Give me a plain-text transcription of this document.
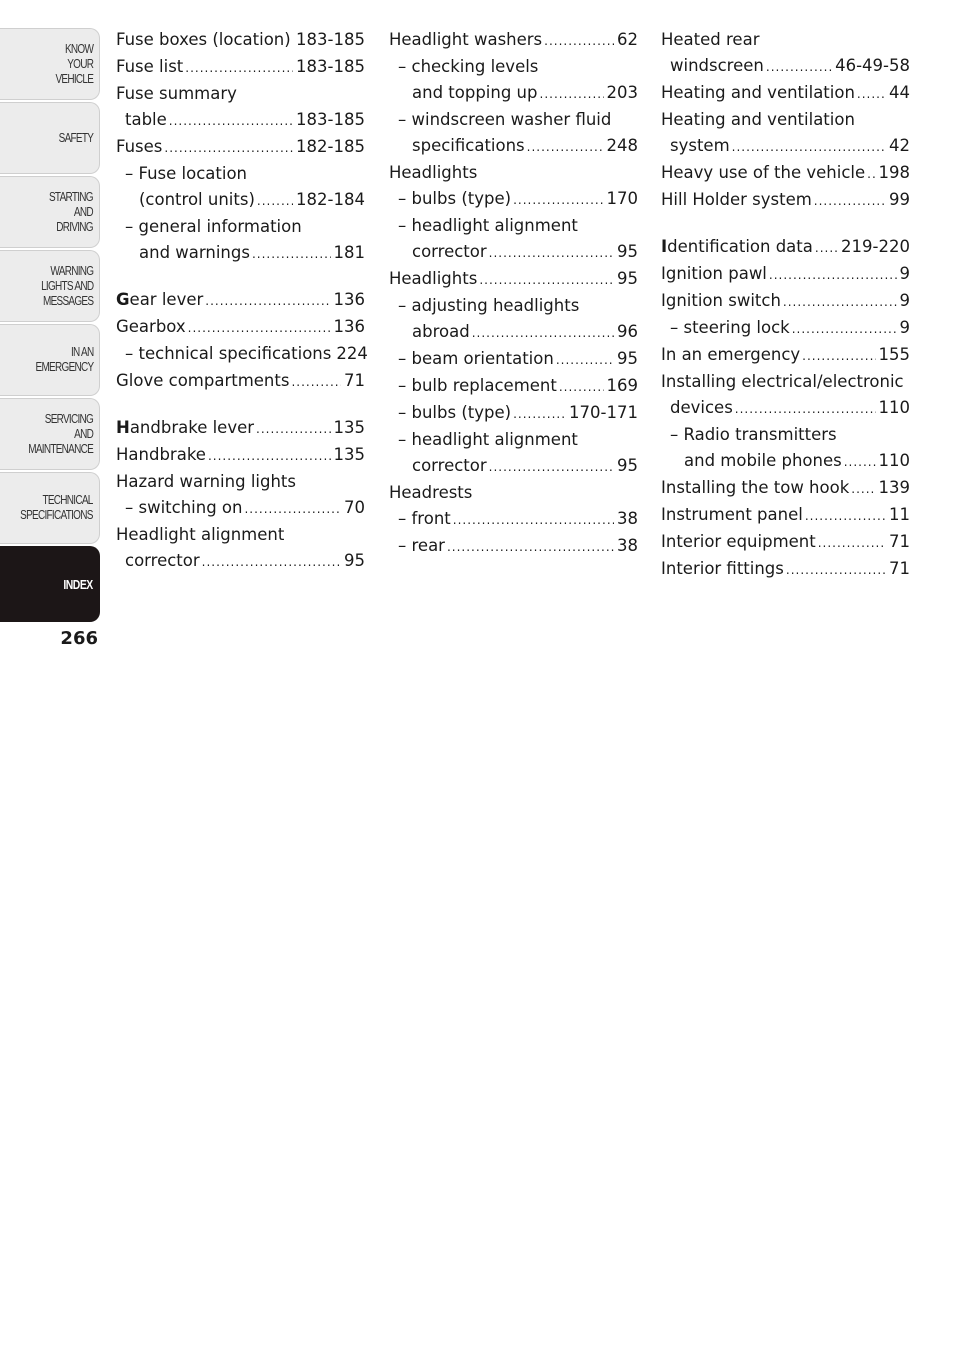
KNOW
YOUR
VEHICLE
SAFETY
STARTING
AND
DRIVING
WARNING
LIGHTS AND
MESSAGES
IN AN
EMERGENCY
SERVICING
AND
MAINTENANCE
TECHNICAL
SPECIFICATIONS
INDEX
266
Fuse boxes (location) ..... 183-185
Fuse list .....	183-185
Fuse summary
table .....	183-185
Fuses .....	182-185
– Fuse location
(control units) ..... 182-184
– general information
and warnings .....	181
Gear lever .....	136
Gearbox .....	136
– technical specifications 224
Glove compartments .....	71
Handbrake lever .....	135
Handbrake .....	135
Hazard warning lights
– switching on .....	70
Headlight alignment
corrector .....	95
Headlight washers .....	62
– checking levels
and topping up .....	203
– windscreen washer fluid
specifications .....	248
Headlights
– bulbs (type) .....	170
– headlight alignment
corrector .....	95
Headlights .....	95
– adjusting headlights
abroad .....	96
– beam orientation .....	95
– bulb replacement .....	169
– bulbs (type) .....	170-171
– headlight alignment
corrector .....	95
Headrests
– front .....	38
– rear .....	38
Heated rear
windscreen .....	46-49-58
Heating and ventilation ..... 44
Heating and ventilation
system .....	42
Heavy use of the vehicle ..... 198
Hill Holder system .....	99
Identification data ..... 219-220
Ignition pawl .....	9
Ignition switch .....	9
– steering lock .....	9
In an emergency .....	155
Installing electrical/electronic
devices .....	110
– Radio transmitters
and mobile phones ..... 110
Installing the tow hook ..... 139
Instrument panel .....	11
Interior equipment .....	71
Interior fittings .....	71
